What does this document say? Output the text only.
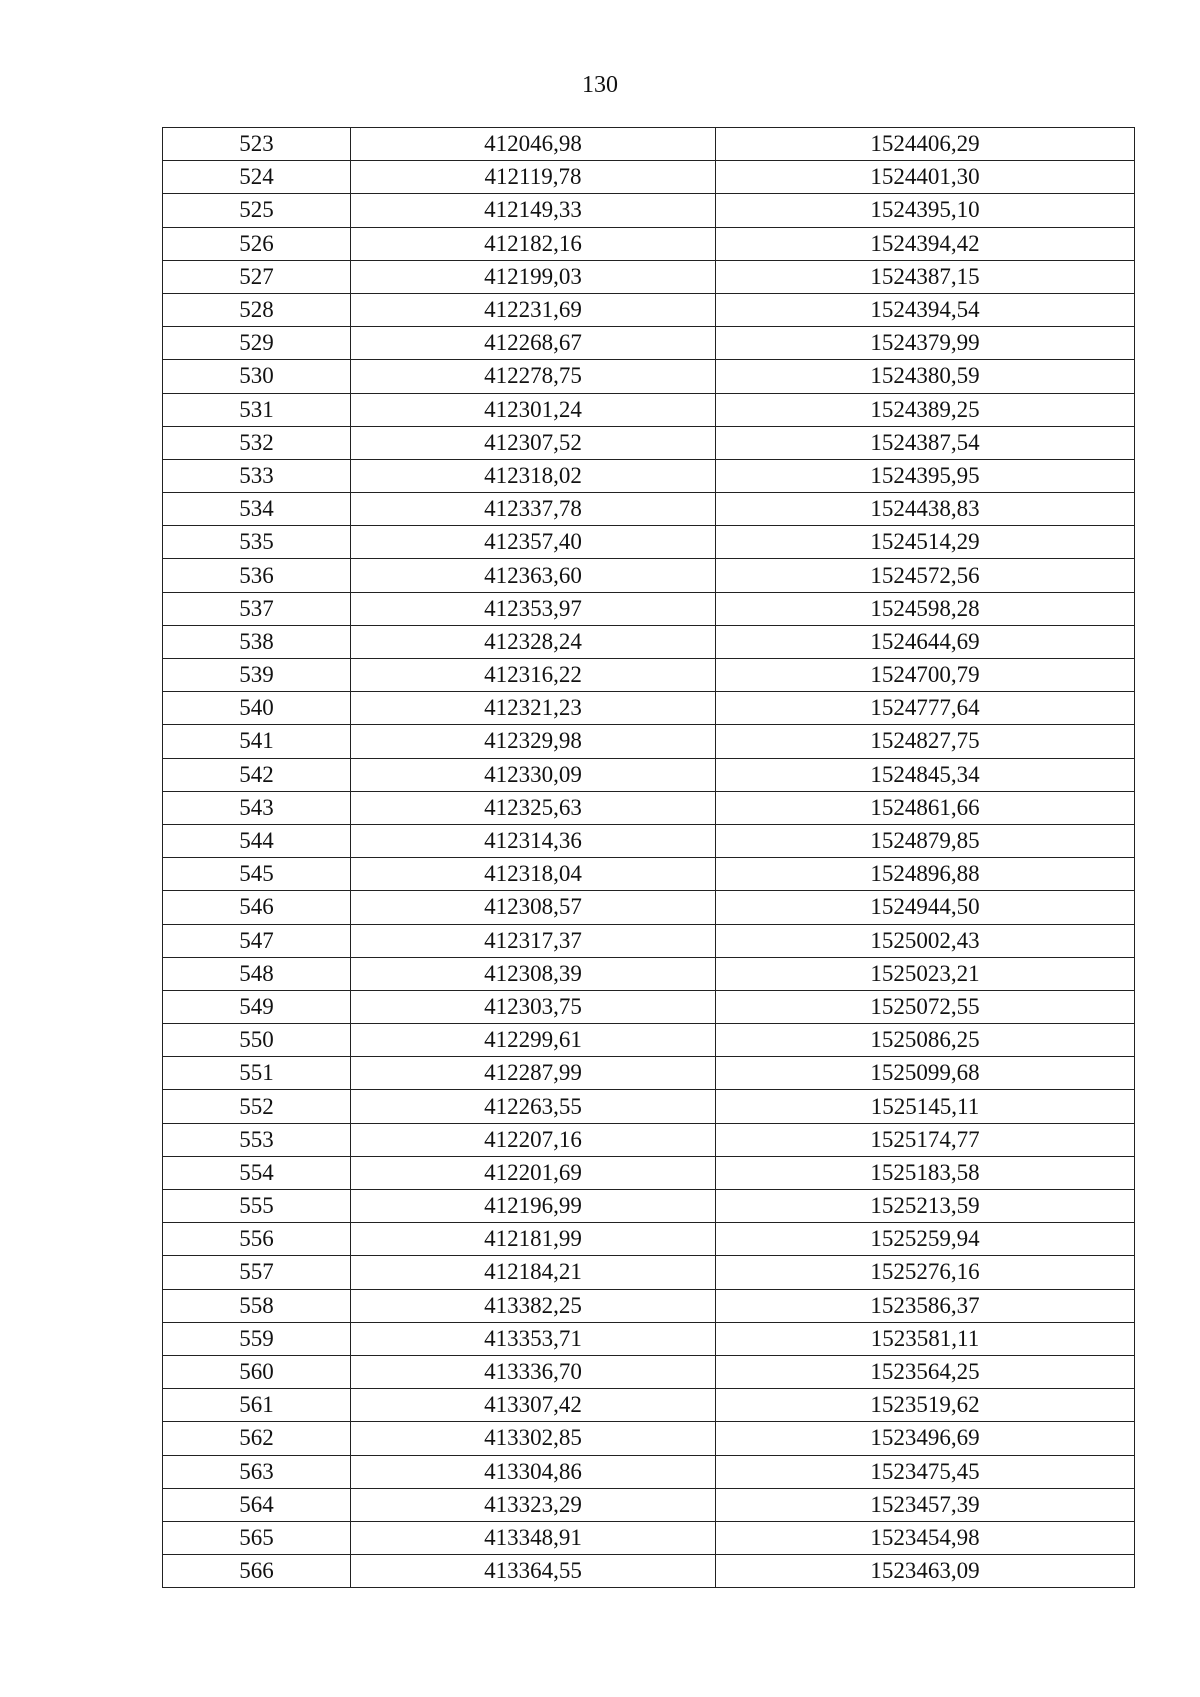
130
523	412046,98	1524406,29
524	412119,78	1524401,30
525	412149,33	1524395,10
526	412182,16	1524394,42
527	412199,03	1524387,15
528	412231,69	1524394,54
529	412268,67	1524379,99
530	412278,75	1524380,59
531	412301,24	1524389,25
532	412307,52	1524387,54
533	412318,02	1524395,95
534	412337,78	1524438,83
535	412357,40	1524514,29
536	412363,60	1524572,56
537	412353,97	1524598,28
538	412328,24	1524644,69
539	412316,22	1524700,79
540	412321,23	1524777,64
541	412329,98	1524827,75
542	412330,09	1524845,34
543	412325,63	1524861,66
544	412314,36	1524879,85
545	412318,04	1524896,88
546	412308,57	1524944,50
547	412317,37	1525002,43
548	412308,39	1525023,21
549	412303,75	1525072,55
550	412299,61	1525086,25
551	412287,99	1525099,68
552	412263,55	1525145,11
553	412207,16	1525174,77
554	412201,69	1525183,58
555	412196,99	1525213,59
556	412181,99	1525259,94
557	412184,21	1525276,16
558	413382,25	1523586,37
559	413353,71	1523581,11
560	413336,70	1523564,25
561	413307,42	1523519,62
562	413302,85	1523496,69
563	413304,86	1523475,45
564	413323,29	1523457,39
565	413348,91	1523454,98
566	413364,55	1523463,09
